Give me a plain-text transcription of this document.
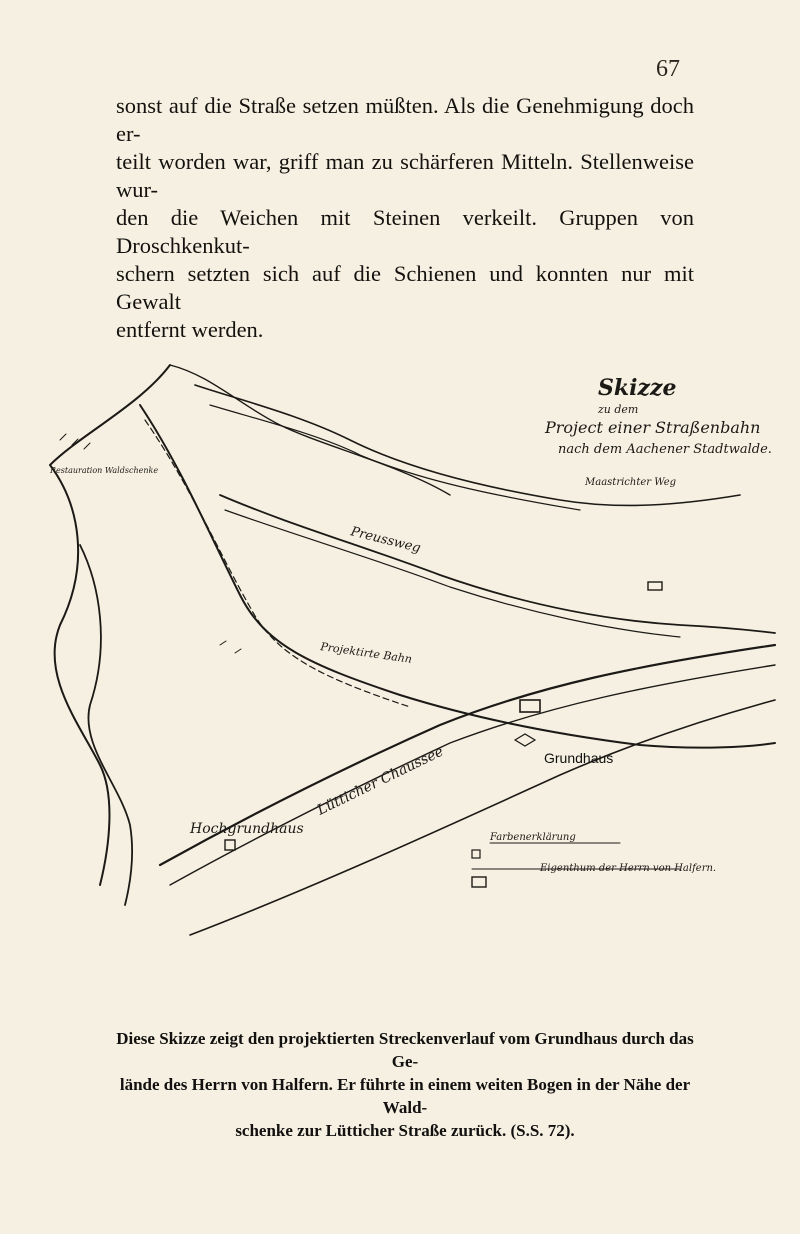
67
sonst auf die Straße setzen müßten. Als die Genehmigung doch er-
teilt worden war, griff man zu schärferen Mitteln. Stellenweise wur-
den die Weichen mit Steinen verkeilt. Gruppen von Droschkenkut-
schern setzten sich auf die Schienen und konnten nur mit Gewalt
entfernt werden.
Skizze
zu dem
Project einer Straßenbahn
nach dem Aachener Stadtwalde.
Maastrichter Weg
Preussweg
Projektirte Bahn
Lütticher Chaussee
Hochgrundhaus
Grundhaus
Farbenerklärung
Eigenthum der Herrn von Halfern.
Restauration Waldschenke
Diese Skizze zeigt den projektierten Streckenverlauf vom Grundhaus durch das Ge-
lände des Herrn von Halfern. Er führte in einem weiten Bogen in der Nähe der Wald-
schenke zur Lütticher Straße zurück. (S.S. 72).
